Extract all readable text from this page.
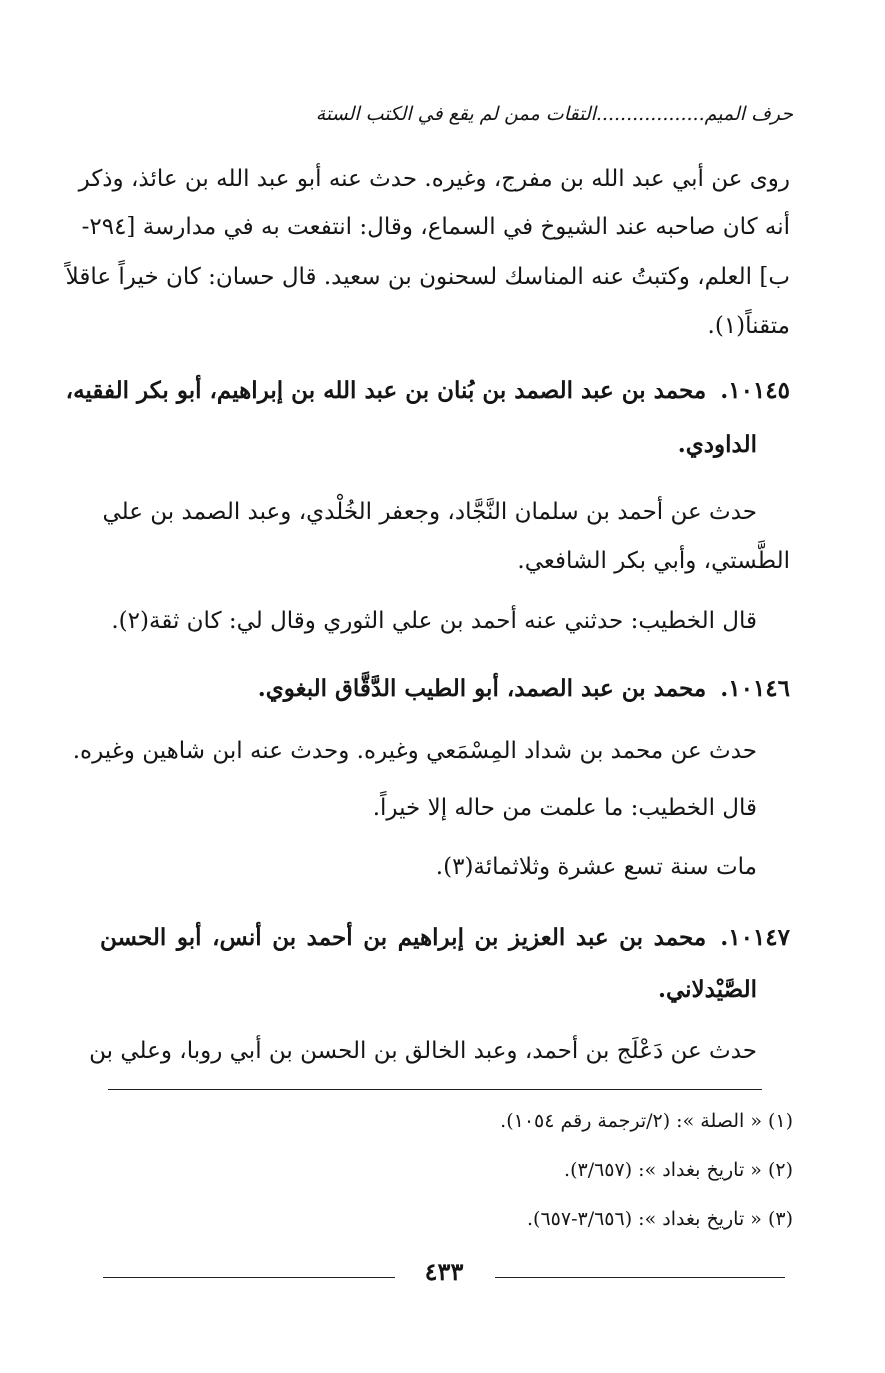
حرف الميم..................التقات ممن لم يقع في الكتب الستة
روى عن أبي عبد الله بن مفرج، وغيره. حدث عنه أبو عبد الله بن عائذ، وذكر
أنه كان صاحبه عند الشيوخ في السماع، وقال: انتفعت به في مدارسة [٢٩٤-
ب] العلم، وكتبتُ عنه المناسك لسحنون بن سعيد. قال حسان: كان خيراً عاقلاً
متقناً(١).
١٠١٤٥.محمد بن عبد الصمد بن بُنان بن عبد الله بن إبراهيم، أبو بكر الفقيه،
الداودي.
حدث عن أحمد بن سلمان النَّجَّاد، وجعفر الخُلْدي، وعبد الصمد بن علي
الطَّستي، وأبي بكر الشافعي.
قال الخطيب: حدثني عنه أحمد بن علي الثوري وقال لي: كان ثقة(٢).
١٠١٤٦.محمد بن عبد الصمد، أبو الطيب الدَّقَّاق البغوي.
حدث عن محمد بن شداد المِسْمَعي وغيره. وحدث عنه ابن شاهين وغيره.
قال الخطيب: ما علمت من حاله إلا خيراً.
مات سنة تسع عشرة وثلاثمائة(٣).
١٠١٤٧.محمد بن عبد العزيز بن إبراهيم بن أحمد بن أنس، أبو الحسن
الصَّيْدلاني.
حدث عن دَعْلَج بن أحمد، وعبد الخالق بن الحسن بن أبي روبا، وعلي بن
(١)« الصلة »: (٢/ترجمة رقم ١٠٥٤).
(٢)« تاريخ بغداد »: (٣/٦٥٧).
(٣)« تاريخ بغداد »: (٣/٦٥٦-٦٥٧).
٤٣٣
